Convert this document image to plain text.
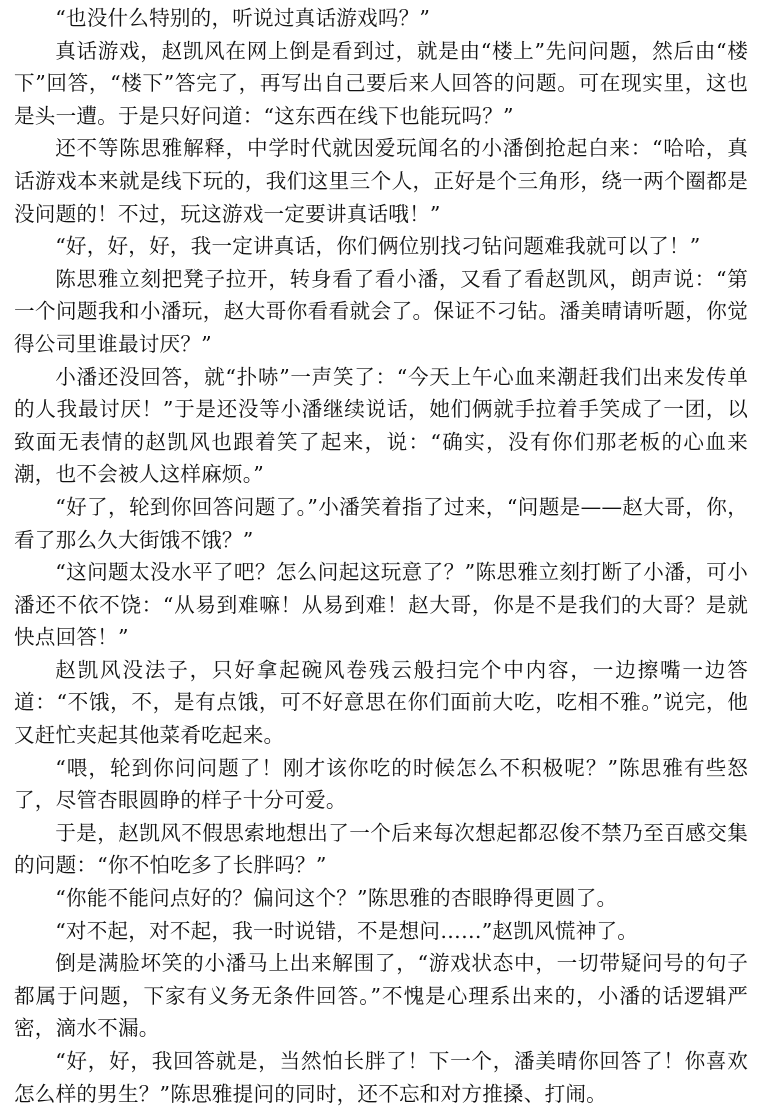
“也没什么特别的，听说过真话游戏吗？”

真话游戏，赵凯风在网上倒是看到过，就是由“楼上”先问问题，然后由“楼下”回答，“楼下”答完了，再写出自己要后来人回答的问题。可在现实里，这也是头一遭。于是只好问道：“这东西在线下也能玩吗？”

还不等陈思雅解释，中学时代就因爱玩闻名的小潘倒抢起白来：“哈哈，真话游戏本来就是线下玩的，我们这里三个人，正好是个三角形，绕一两个圈都是没问题的！不过，玩这游戏一定要讲真话哦！”

“好，好，好，我一定讲真话，你们俩位别找刁钻问题难我就可以了！”

陈思雅立刻把凳子拉开，转身看了看小潘，又看了看赵凯风，朗声说：“第一个问题我和小潘玩，赵大哥你看看就会了。保证不刁钻。潘美晴请听题，你觉得公司里谁最讨厌？”

小潘还没回答，就“扑哧”一声笑了：“今天上午心血来潮赶我们出来发传单的人我最讨厌！”于是还没等小潘继续说话，她们俩就手拉着手笑成了一团，以致面无表情的赵凯风也跟着笑了起来，说：“确实，没有你们那老板的心血来潮，也不会被人这样麻烦。”

“好了，轮到你回答问题了。”小潘笑着指了过来，“问题是——赵大哥，你，看了那么久大街饿不饿？”

“这问题太没水平了吧？怎么问起这玩意了？”陈思雅立刻打断了小潘，可小潘还不依不饶：“从易到难嘛！从易到难！赵大哥，你是不是我们的大哥？是就快点回答！”

赵凯风没法子，只好拿起碗风卷残云般扫完个中内容，一边擦嘴一边答道：“不饿，不，是有点饿，可不好意思在你们面前大吃，吃相不雅。”说完，他又赶忙夹起其他菜肴吃起来。

“喂，轮到你问问题了！刚才该你吃的时候怎么不积极呢？”陈思雅有些怒了，尽管杏眼圆睁的样子十分可爱。

于是，赵凯风不假思索地想出了一个后来每次想起都忍俊不禁乃至百感交集的问题：“你不怕吃多了长胖吗？”

“你能不能问点好的？偏问这个？”陈思雅的杏眼睁得更圆了。

“对不起，对不起，我一时说错，不是想问……”赵凯风慌神了。

倒是满脸坏笑的小潘马上出来解围了，“游戏状态中，一切带疑问号的句子都属于问题，下家有义务无条件回答。”不愧是心理系出来的，小潘的话逻辑严密，滴水不漏。

“好，好，我回答就是，当然怕长胖了！下一个，潘美晴你回答了！你喜欢怎么样的男生？”陈思雅提问的同时，还不忘和对方推搡、打闹。
